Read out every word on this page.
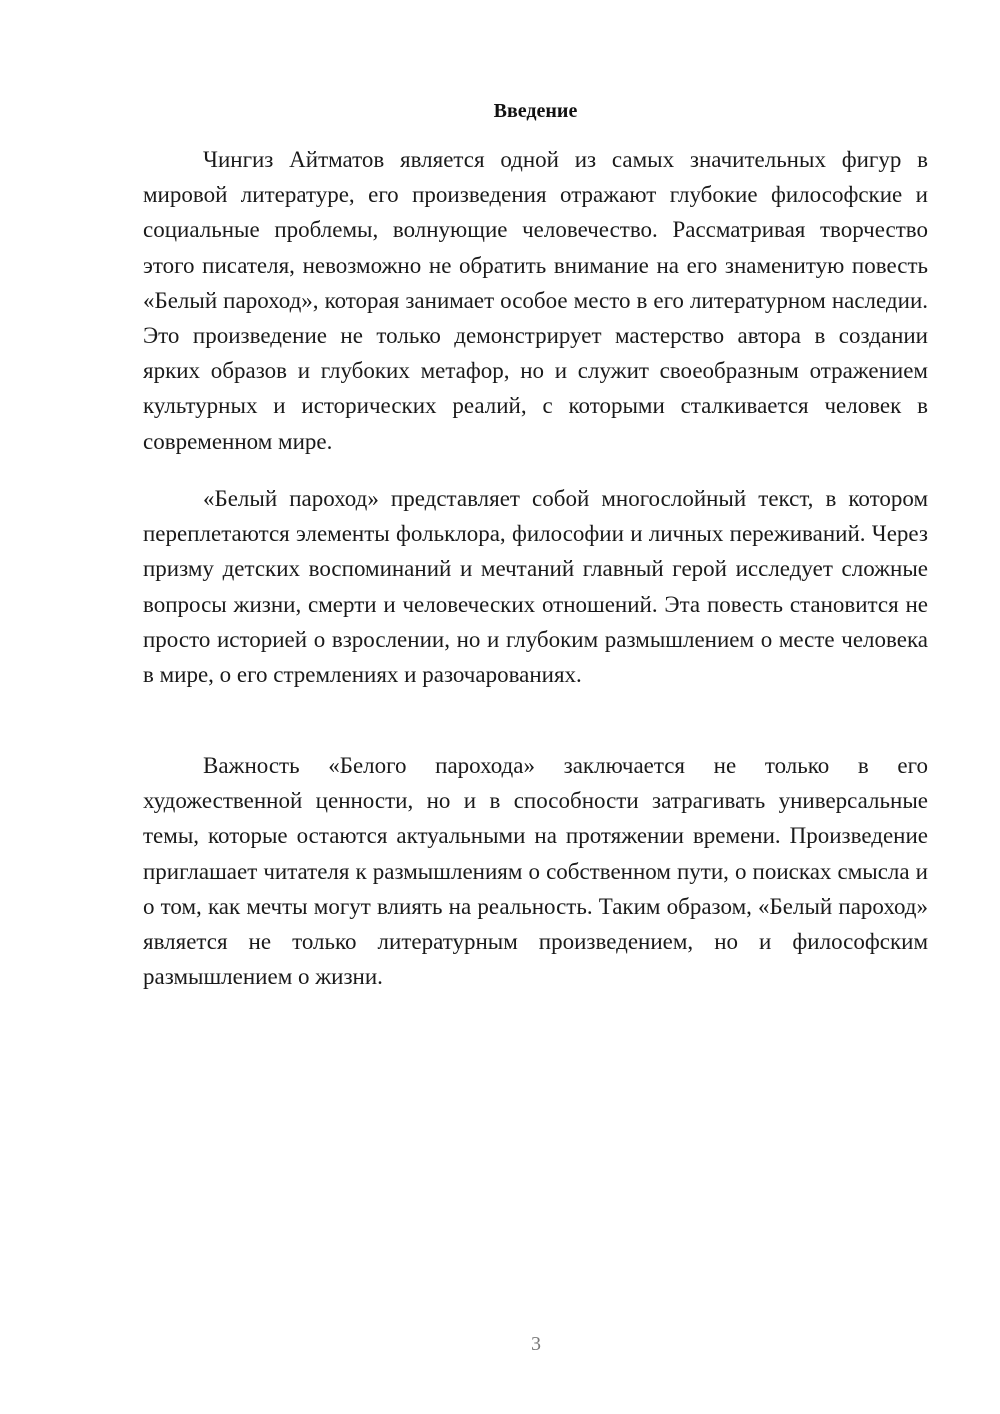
Введение

Чингиз Айтматов является одной из самых значительных фигур в мировой литературе, его произведения отражают глубокие философские и социальные проблемы, волнующие человечество. Рассматривая творчество этого писателя, невозможно не обратить внимание на его знаменитую повесть «Белый пароход», которая занимает особое место в его литературном наследии. Это произведение не только демонстрирует мастерство автора в создании ярких образов и глубоких метафор, но и служит своеобразным отражением культурных и исторических реалий, с которыми сталкивается человек в современном мире.

«Белый пароход» представляет собой многослойный текст, в котором переплетаются элементы фольклора, философии и личных переживаний. Через призму детских воспоминаний и мечтаний главный герой исследует сложные вопросы жизни, смерти и человеческих отношений. Эта повесть становится не просто историей о взрослении, но и глубоким размышлением о месте человека в мире, о его стремлениях и разочарованиях.

Важность «Белого парохода» заключается не только в его художественной ценности, но и в способности затрагивать универсальные темы, которые остаются актуальными на протяжении времени. Произведение приглашает читателя к размышлениям о собственном пути, о поисках смысла и о том, как мечты могут влиять на реальность. Таким образом, «Белый пароход» является не только литературным произведением, но и философским размышлением о жизни.

3
